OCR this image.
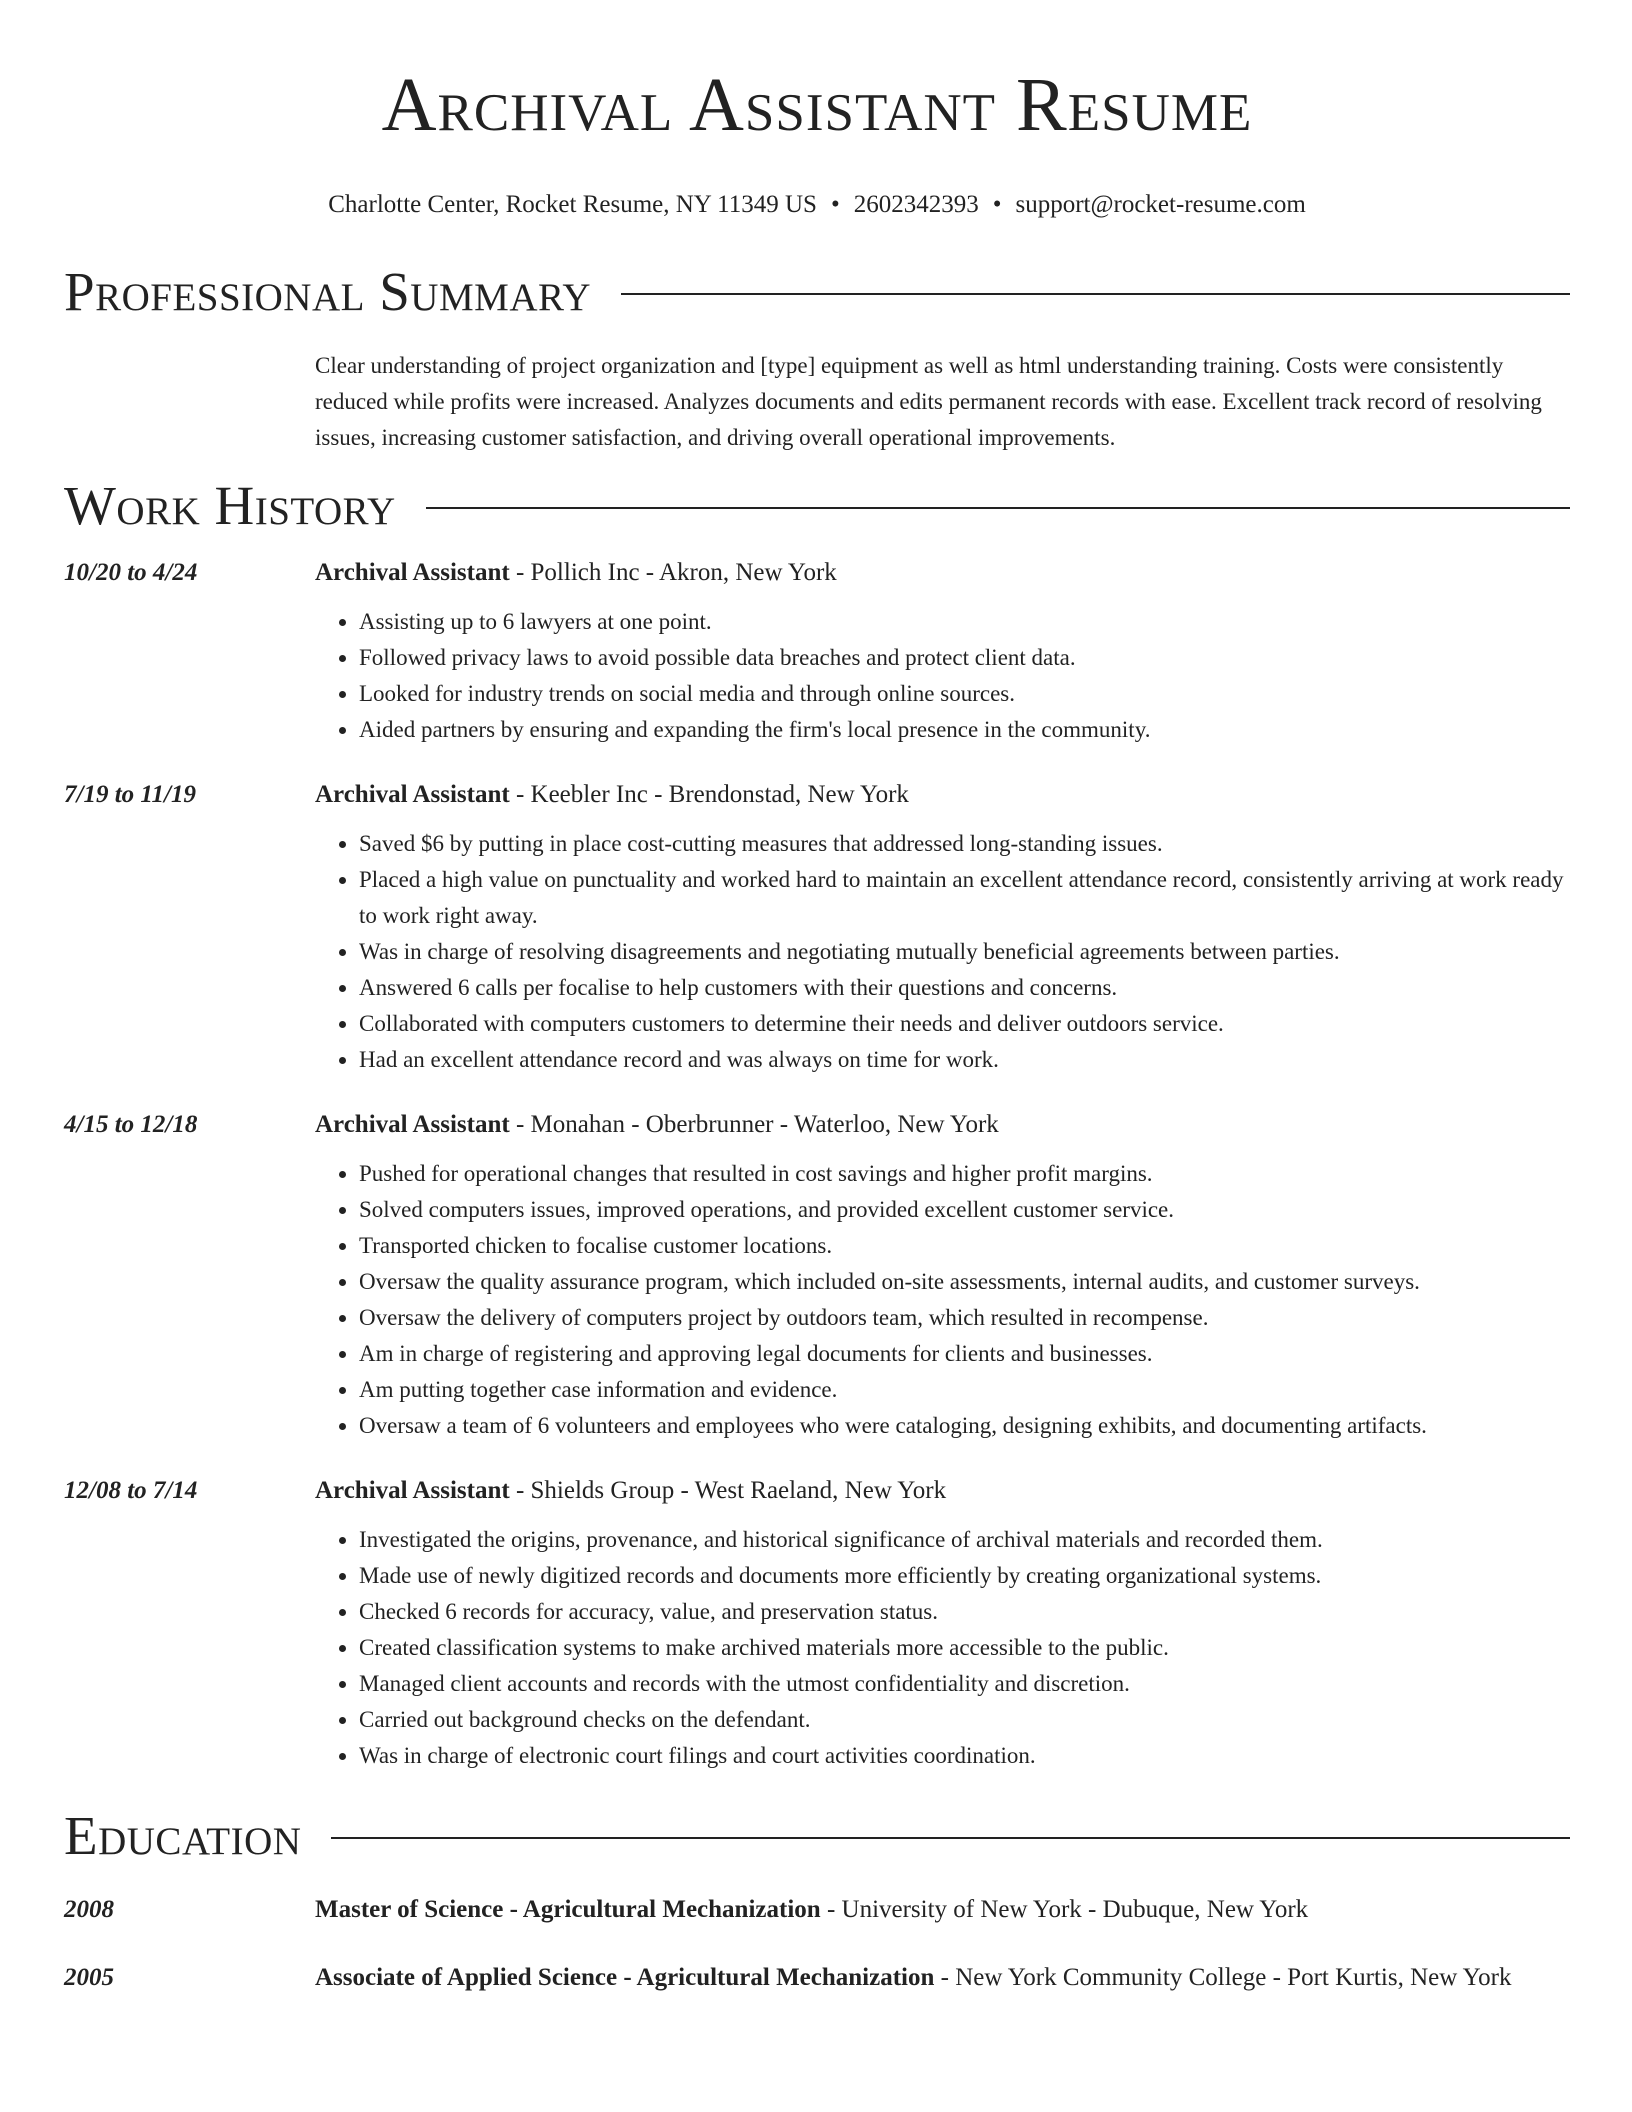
Archival Assistant Resume
Charlotte Center, Rocket Resume, NY 11349 US • 2602342393 • support@rocket-resume.com
Professional Summary
Clear understanding of project organization and [type] equipment as well as html understanding training. Costs were consistently reduced while profits were increased. Analyzes documents and edits permanent records with ease. Excellent track record of resolving issues, increasing customer satisfaction, and driving overall operational improvements.
Work History
10/20 to 4/24	Archival Assistant - Pollich Inc - Akron, New York
• Assisting up to 6 lawyers at one point.
• Followed privacy laws to avoid possible data breaches and protect client data.
• Looked for industry trends on social media and through online sources.
• Aided partners by ensuring and expanding the firm's local presence in the community.
7/19 to 11/19	Archival Assistant - Keebler Inc - Brendonstad, New York
• Saved $6 by putting in place cost-cutting measures that addressed long-standing issues.
• Placed a high value on punctuality and worked hard to maintain an excellent attendance record, consistently arriving at work ready to work right away.
• Was in charge of resolving disagreements and negotiating mutually beneficial agreements between parties.
• Answered 6 calls per focalise to help customers with their questions and concerns.
• Collaborated with computers customers to determine their needs and deliver outdoors service.
• Had an excellent attendance record and was always on time for work.
4/15 to 12/18	Archival Assistant - Monahan - Oberbrunner - Waterloo, New York
• Pushed for operational changes that resulted in cost savings and higher profit margins.
• Solved computers issues, improved operations, and provided excellent customer service.
• Transported chicken to focalise customer locations.
• Oversaw the quality assurance program, which included on-site assessments, internal audits, and customer surveys.
• Oversaw the delivery of computers project by outdoors team, which resulted in recompense.
• Am in charge of registering and approving legal documents for clients and businesses.
• Am putting together case information and evidence.
• Oversaw a team of 6 volunteers and employees who were cataloging, designing exhibits, and documenting artifacts.
12/08 to 7/14	Archival Assistant - Shields Group - West Raeland, New York
• Investigated the origins, provenance, and historical significance of archival materials and recorded them.
• Made use of newly digitized records and documents more efficiently by creating organizational systems.
• Checked 6 records for accuracy, value, and preservation status.
• Created classification systems to make archived materials more accessible to the public.
• Managed client accounts and records with the utmost confidentiality and discretion.
• Carried out background checks on the defendant.
• Was in charge of electronic court filings and court activities coordination.
Education
2008	Master of Science - Agricultural Mechanization - University of New York - Dubuque, New York
2005	Associate of Applied Science - Agricultural Mechanization - New York Community College - Port Kurtis, New York
